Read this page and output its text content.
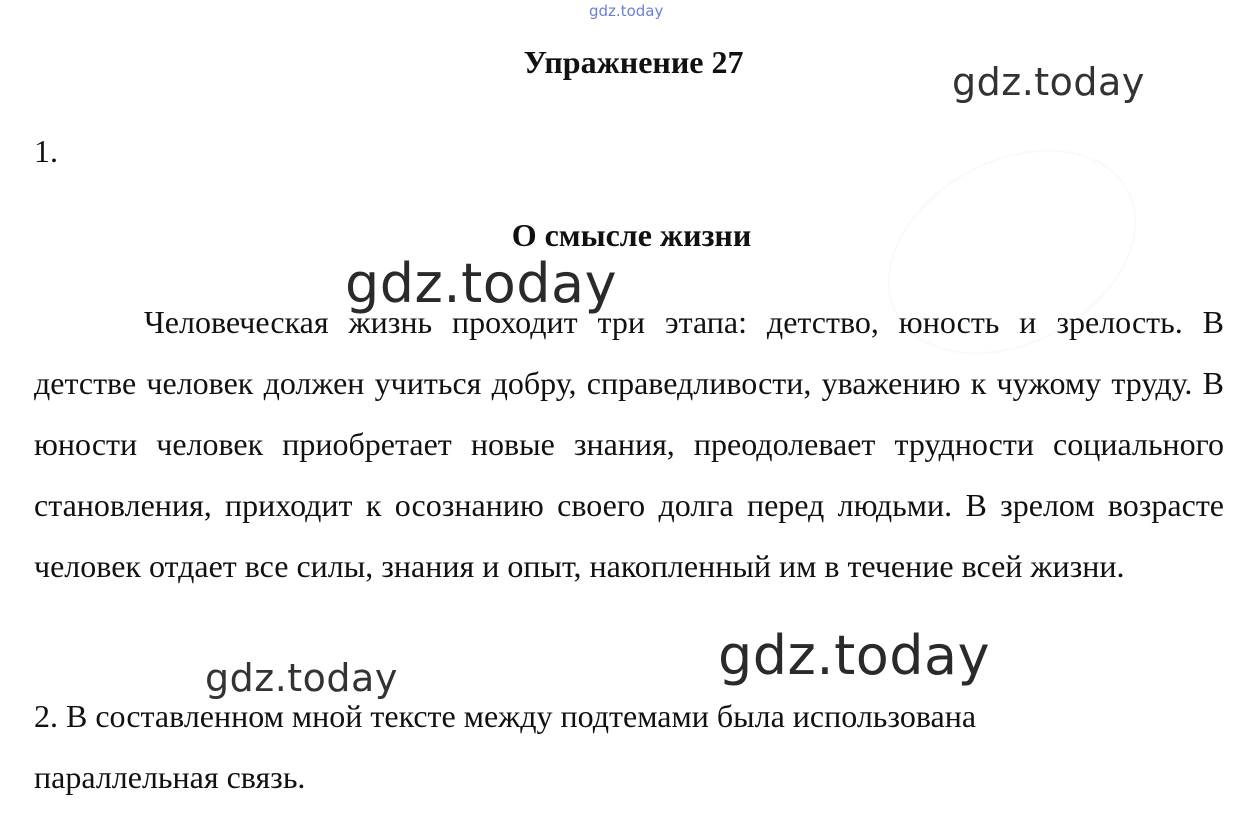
gdz.today
Упражнение 27	gdz.today
1.
О смысле жизни
gdz.today

Человеческая жизнь проходит три этапа: детство, юность и зрелость. В детстве человек должен учиться добру, справедливости, уважению к чужому труду. В юности человек приобретает новые знания, преодолевает трудности социального становления, приходит к осознанию своего долга перед людьми. В зрелом возрасте человек отдает все силы, знания и опыт, накопленный им в течение всей жизни.

gdz.today
gdz.today
2. В составленном мной тексте между подтемами была использована
параллельная связь.
